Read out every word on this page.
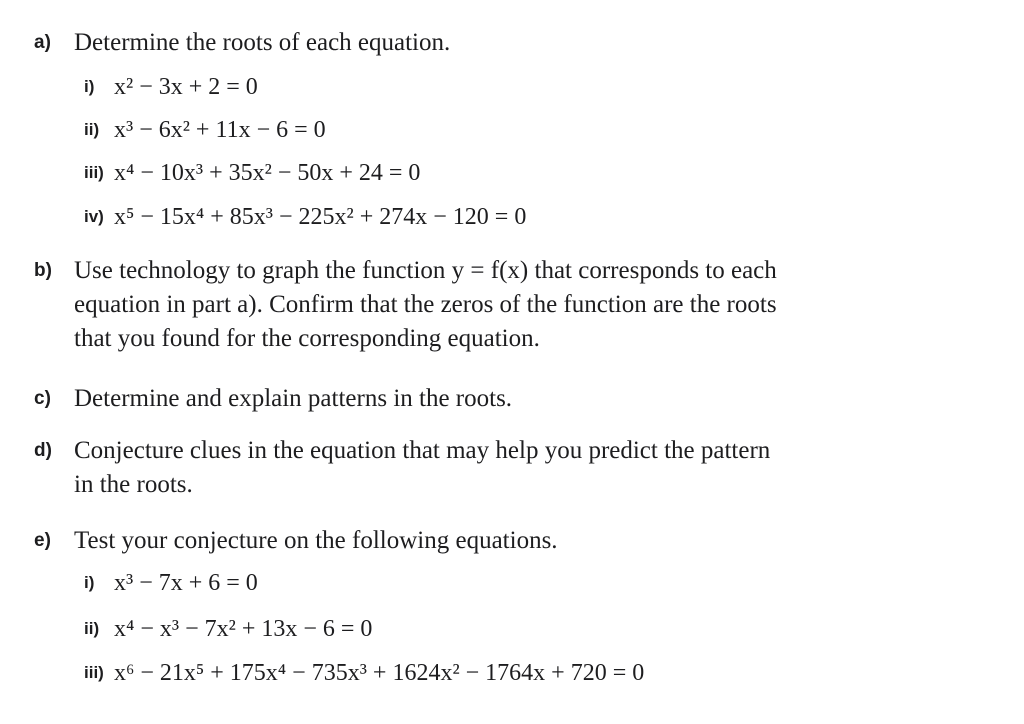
a) Determine the roots of each equation.
i) x² − 3x + 2 = 0
ii) x³ − 6x² + 11x − 6 = 0
iii) x⁴ − 10x³ + 35x² − 50x + 24 = 0
iv) x⁵ − 15x⁴ + 85x³ − 225x² + 274x − 120 = 0
b) Use technology to graph the function y = f(x) that corresponds to each
equation in part a). Confirm that the zeros of the function are the roots
that you found for the corresponding equation.
c) Determine and explain patterns in the roots.
d) Conjecture clues in the equation that may help you predict the pattern
in the roots.
e) Test your conjecture on the following equations.
i) x³ − 7x + 6 = 0
ii) x⁴ − x³ − 7x² + 13x − 6 = 0
iii) x⁶ − 21x⁵ + 175x⁴ − 735x³ + 1624x² − 1764x + 720 = 0
